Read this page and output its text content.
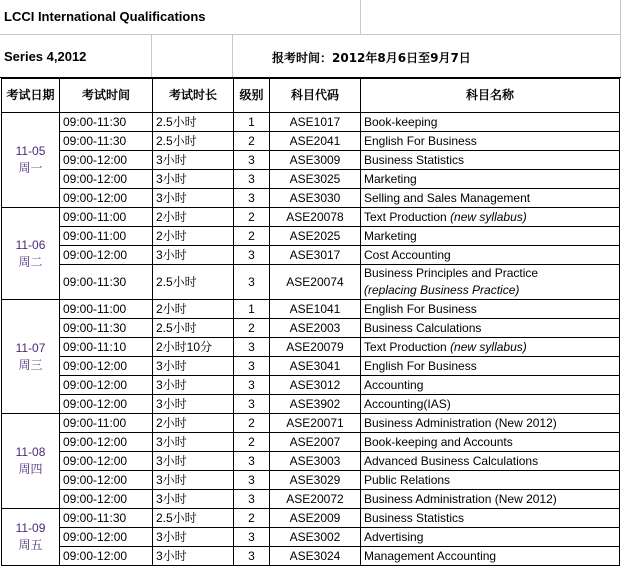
LCCI International Qualifications
Series 4,2012	报考时间：2012年8月6日至9月7日
考试日期	考试时间	考试时长	级别	科目代码	科目名称

11-05
周一	09:00-11:30	2.5小时	1	ASE1017	Book-keeping
	09:00-11:30	2.5小时	2	ASE2041	English For Business
	09:00-12:00	3小时	3	ASE3009	Business Statistics
	09:00-12:00	3小时	3	ASE3025	Marketing
	09:00-12:00	3小时	3	ASE3030	Selling and Sales Management

11-06
周二	09:00-11:00	2小时	2	ASE20078	Text Production (new syllabus)
	09:00-11:00	2小时	2	ASE2025	Marketing
	09:00-12:00	3小时	3	ASE3017	Cost Accounting
	09:00-11:30	2.5小时	3	ASE20074	Business Principles and Practice
(replacing Business Practice)

11-07
周三	09:00-11:00	2小时	1	ASE1041	English For Business
	09:00-11:30	2.5小时	2	ASE2003	Business Calculations
	09:00-11:10	2小时10分	3	ASE20079	Text Production (new syllabus)
	09:00-12:00	3小时	3	ASE3041	English For Business
	09:00-12:00	3小时	3	ASE3012	Accounting
	09:00-12:00	3小时	3	ASE3902	Accounting(IAS)

11-08
周四	09:00-11:00	2小时	2	ASE20071	Business Administration (New 2012)
	09:00-12:00	3小时	2	ASE2007	Book-keeping and Accounts
	09:00-12:00	3小时	3	ASE3003	Advanced Business Calculations
	09:00-12:00	3小时	3	ASE3029	Public Relations
	09:00-12:00	3小时	3	ASE20072	Business Administration (New 2012)

11-09
周五	09:00-11:30	2.5小时	2	ASE2009	Business Statistics
	09:00-12:00	3小时	3	ASE3002	Advertising
	09:00-12:00	3小时	3	ASE3024	Management Accounting
